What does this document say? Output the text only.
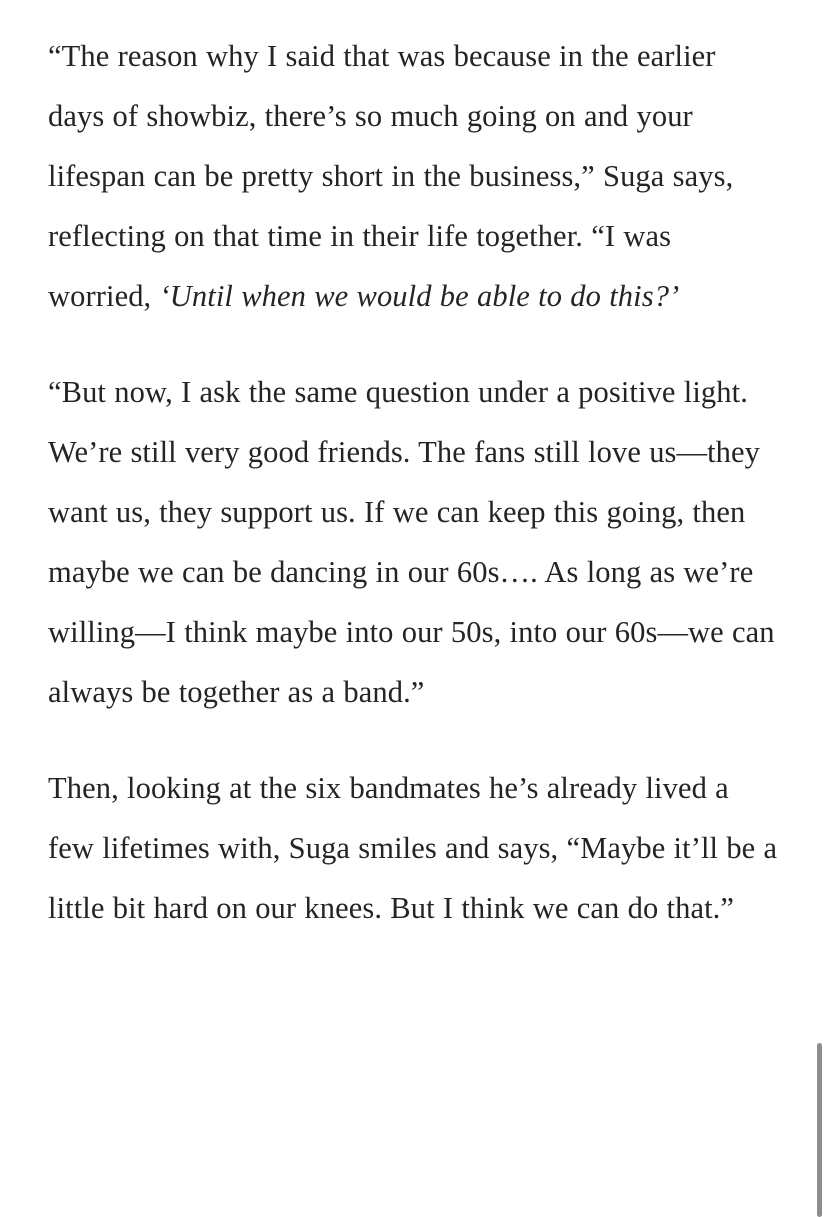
“The reason why I said that was because in the earlier days of showbiz, there’s so much going on and your lifespan can be pretty short in the business,” Suga says, reflecting on that time in their life together. “I was worried, ‘Until when we would be able to do this?’

“But now, I ask the same question under a positive light. We’re still very good friends. The fans still love us—they want us, they support us. If we can keep this going, then maybe we can be dancing in our 60s…. As long as we’re willing—I think maybe into our 50s, into our 60s—we can always be together as a band.”

Then, looking at the six bandmates he’s already lived a few lifetimes with, Suga smiles and says, “Maybe it’ll be a little bit hard on our knees. But I think we can do that.”
